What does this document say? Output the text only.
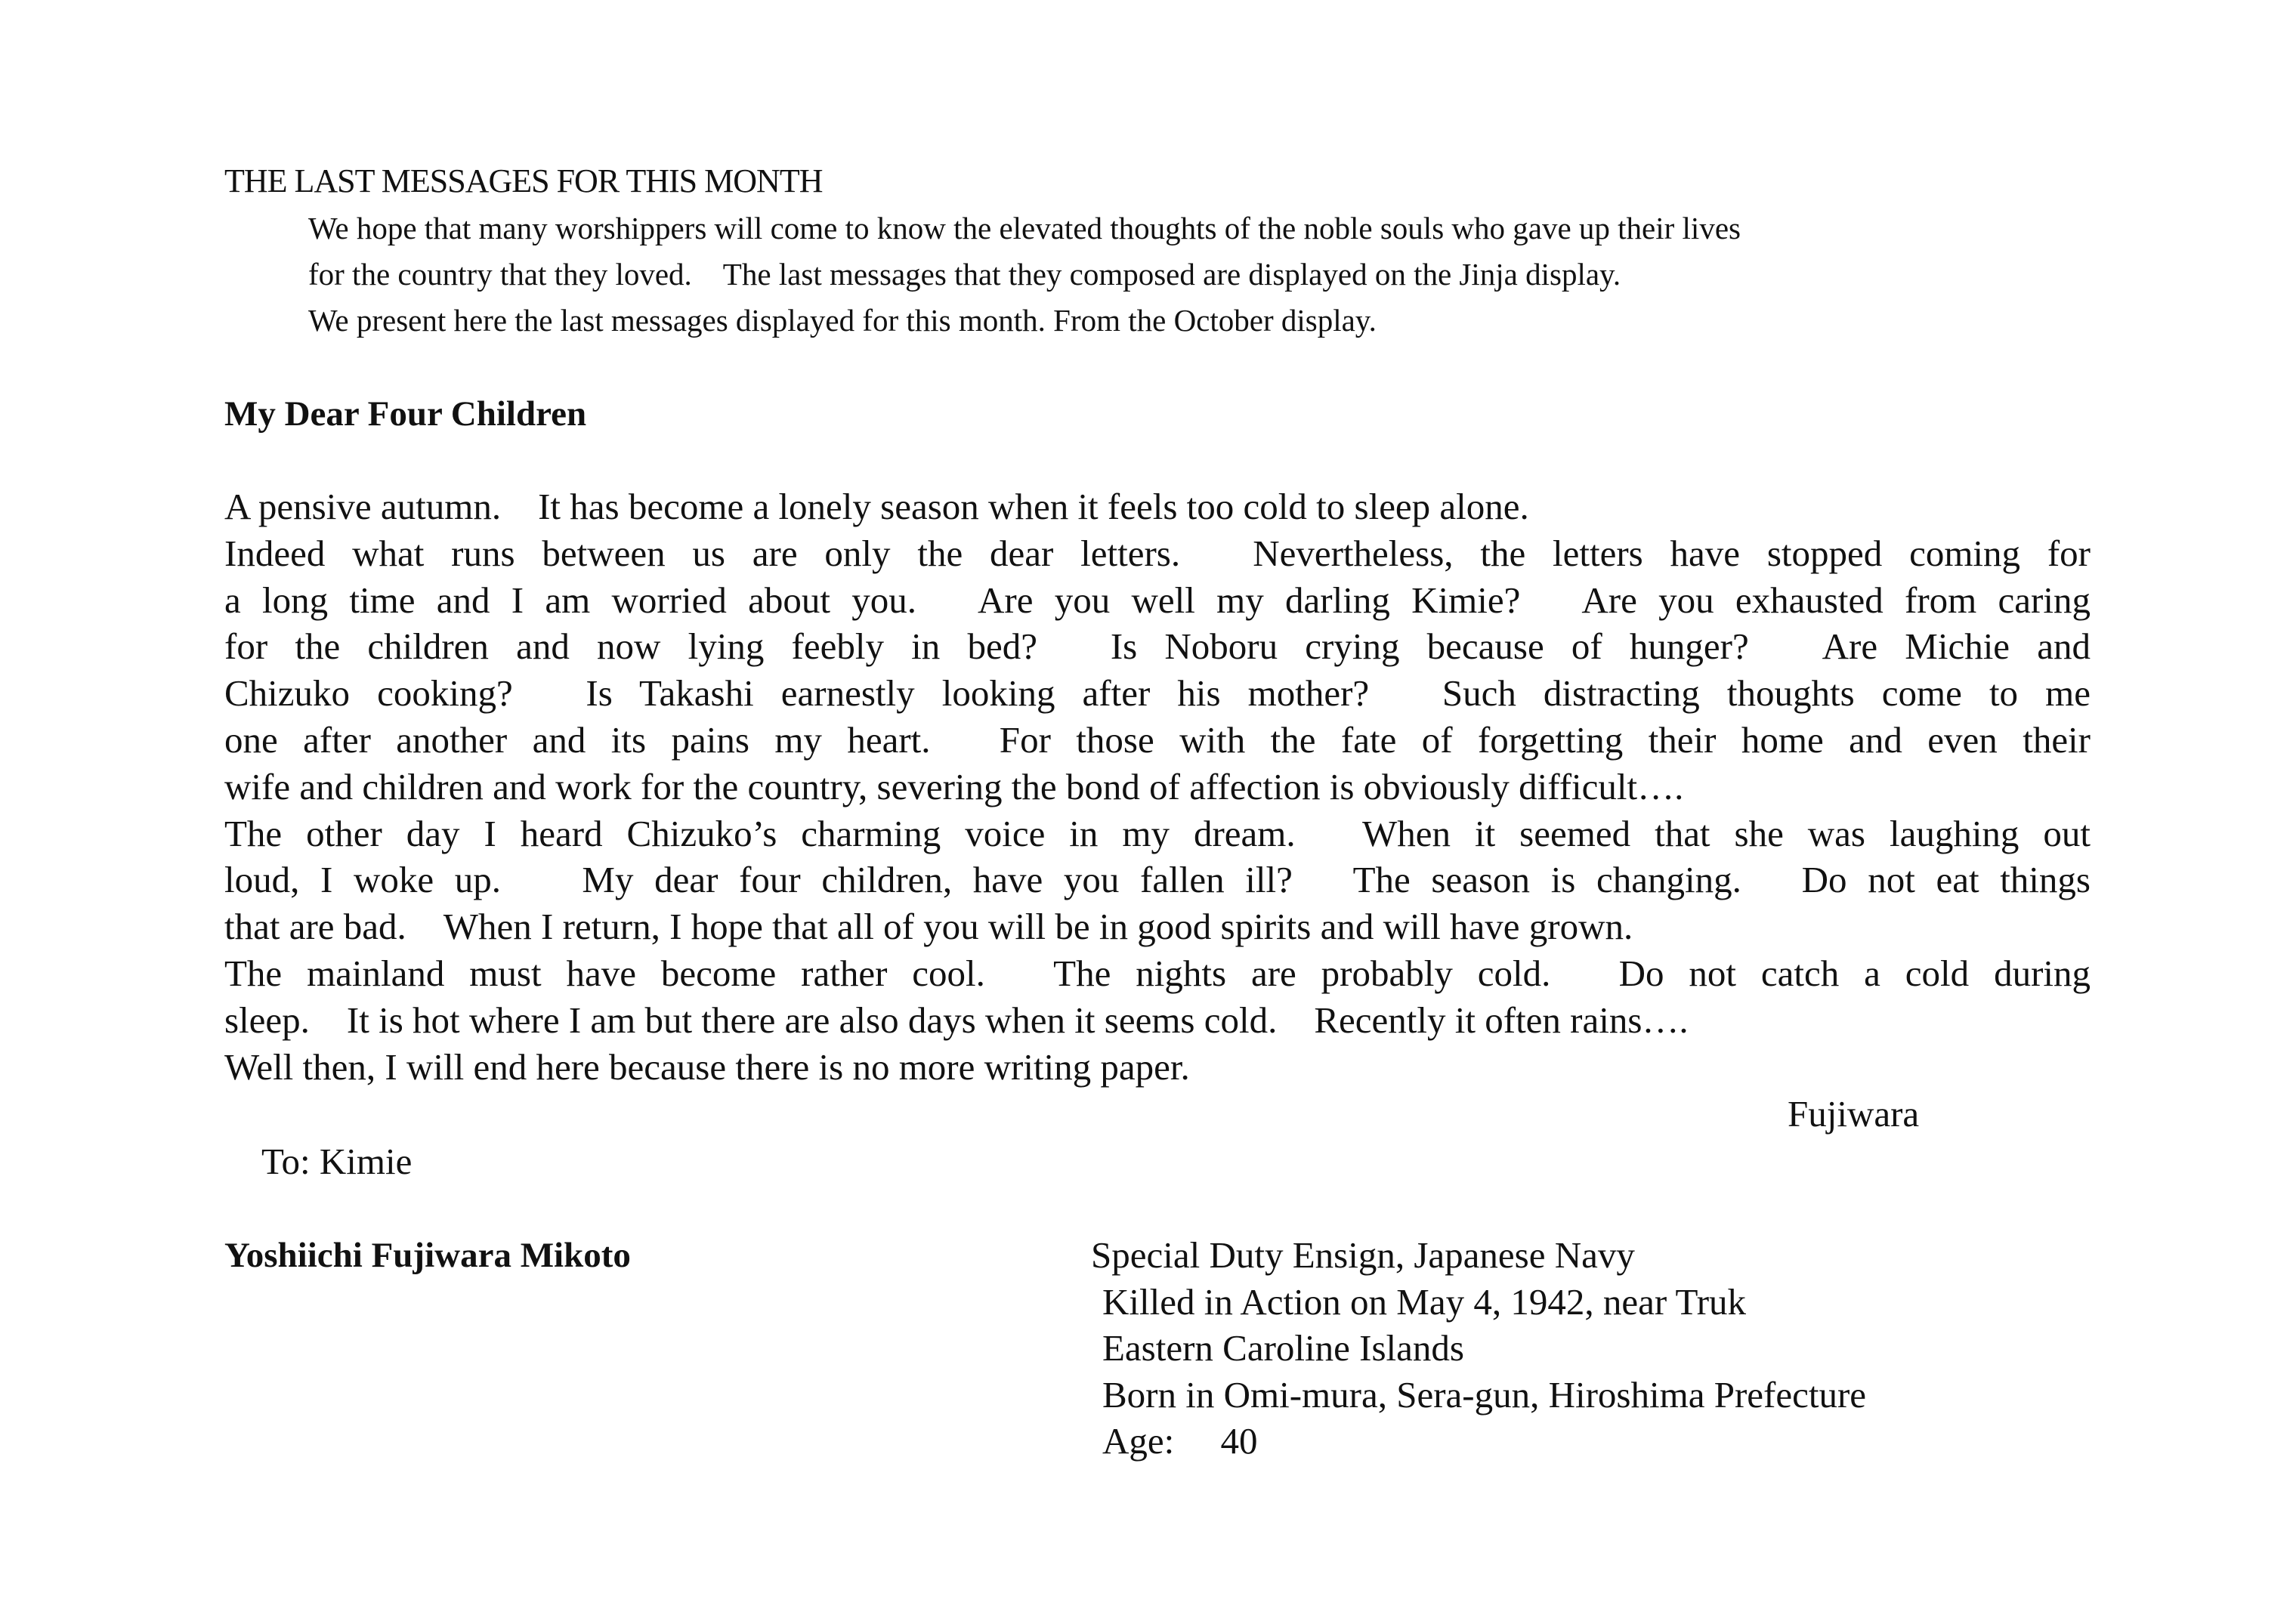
THE LAST MESSAGES FOR THIS MONTH
We hope that many worshippers will come to know the elevated thoughts of the noble souls who gave up their lives
for the country that they loved.　The last messages that they composed are displayed on the Jinja display.
We present here the last messages displayed for this month. From the October display.
My Dear Four Children
A pensive autumn.　It has become a lonely season when it feels too cold to sleep alone.
Indeed what runs between us are only the dear letters.　Nevertheless, the letters have stopped coming for
a long time and I am worried about you.　Are you well my darling Kimie?　Are you exhausted from caring
for the children and now lying feebly in bed?　Is Noboru crying because of hunger?　Are Michie and
Chizuko cooking?　Is Takashi earnestly looking after his mother?　Such distracting thoughts come to me
one after another and its pains my heart.　For those with the fate of forgetting their home and even their
wife and children and work for the country, severing the bond of affection is obviously difficult….
The other day I heard Chizuko’s charming voice in my dream.　When it seemed that she was laughing out
loud, I woke up.　 My dear four children, have you fallen ill?　The season is changing.　Do not eat things
that are bad.　When I return, I hope that all of you will be in good spirits and will have grown.
The mainland must have become rather cool.　The nights are probably cold.　Do not catch a cold during
sleep.　It is hot where I am but there are also days when it seems cold.　Recently it often rains….
Well then, I will end here because there is no more writing paper.
Fujiwara
To: Kimie
Yoshiichi Fujiwara Mikoto	Special Duty Ensign, Japanese Navy
Killed in Action on May 4, 1942, near Truk
Eastern Caroline Islands
Born in Omi-mura, Sera-gun, Hiroshima Prefecture
Age:　 40
